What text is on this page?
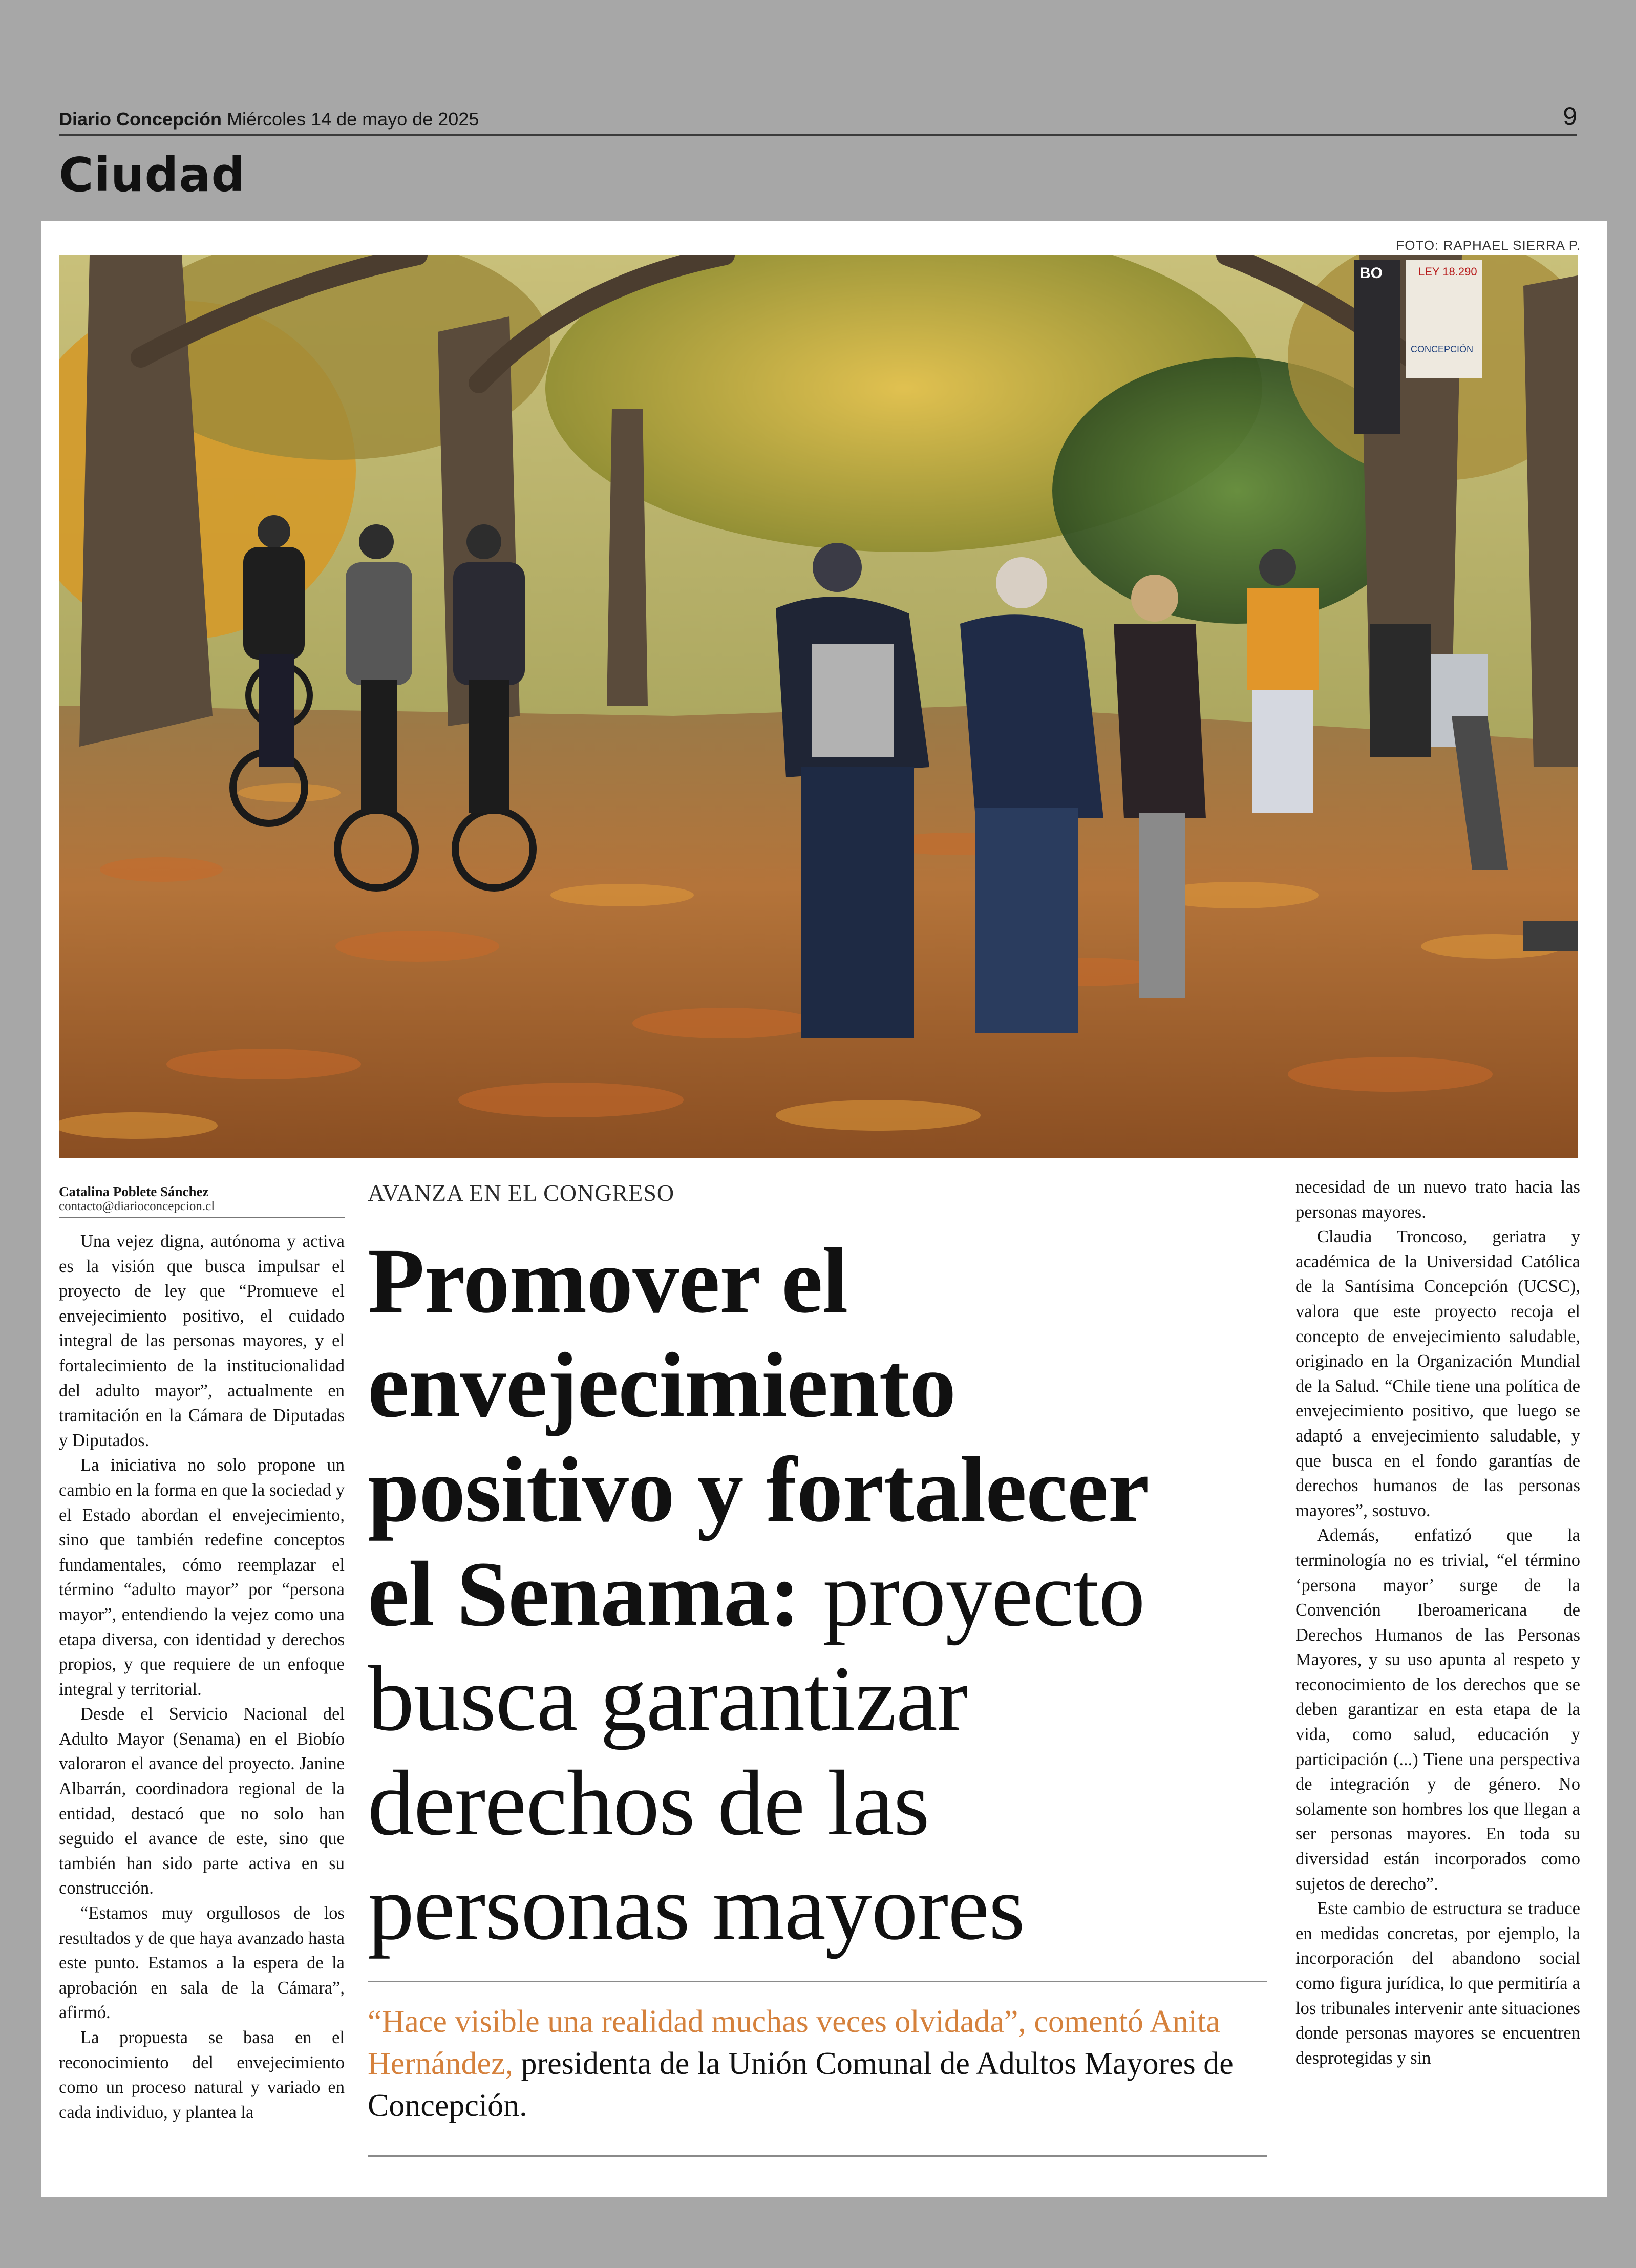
Diario Concepción Miércoles 14 de mayo de 2025	9
Ciudad
FOTO: RAPHAEL SIERRA P.
LEY 18.290
CONCEPCIÓN
BO
Catalina Poblete Sánchez
contacto@diarioconcepcion.cl

Una vejez digna, autónoma y activa es la visión que busca impulsar el proyecto de ley que “Promueve el envejecimiento positivo, el cuidado integral de las personas mayores, y el fortalecimiento de la institucionalidad del adulto mayor”, actualmente en tramitación en la Cámara de Diputadas y Diputados.

La iniciativa no solo propone un cambio en la forma en que la sociedad y el Estado abordan el envejecimiento, sino que también redefine conceptos fundamentales, cómo reemplazar el término “adulto mayor” por “persona mayor”, entendiendo la vejez como una etapa diversa, con identidad y derechos propios, y que requiere de un enfoque integral y territorial.

Desde el Servicio Nacional del Adulto Mayor (Senama) en el Biobío valoraron el avance del proyecto. Janine Albarrán, coordinadora regional de la entidad, destacó que no solo han seguido el avance de este, sino que también han sido parte activa en su construcción.

“Estamos muy orgullosos de los resultados y de que haya avanzado hasta este punto. Estamos a la espera de la aprobación en sala de la Cámara”, afirmó.

La propuesta se basa en el reconocimiento del envejecimiento como un proceso natural y variado en cada individuo, y plantea la

AVANZA EN EL CONGRESO
Promover el
envejecimiento
positivo y fortalecer
el Senama: proyecto
busca garantizar
derechos de las
personas mayores
“Hace visible una realidad muchas veces olvidada”, comentó Anita Hernández, presidenta de la Unión Comunal de Adultos Mayores de Concepción.

necesidad de un nuevo trato hacia las personas mayores.

Claudia Troncoso, geriatra y académica de la Universidad Católica de la Santísima Concepción (UCSC), valora que este proyecto recoja el concepto de envejecimiento saludable, originado en la Organización Mundial de la Salud. “Chile tiene una política de envejecimiento positivo, que luego se adaptó a envejecimiento saludable, y que busca en el fondo garantías de derechos humanos de las personas mayores”, sostuvo.

Además, enfatizó que la terminología no es trivial, “el término ‘persona mayor’ surge de la Convención Iberoamericana de Derechos Humanos de las Personas Mayores, y su uso apunta al respeto y reconocimiento de los derechos que se deben garantizar en esta etapa de la vida, como salud, educación y participación (...) Tiene una perspectiva de integración y de género. No solamente son hombres los que llegan a ser personas mayores. En toda su diversidad están incorporados como sujetos de derecho”.

Este cambio de estructura se traduce en medidas concretas, por ejemplo, la incorporación del abandono social como figura jurídica, lo que permitiría a los tribunales intervenir ante situaciones donde personas mayores se encuentren desprotegidas y sin
